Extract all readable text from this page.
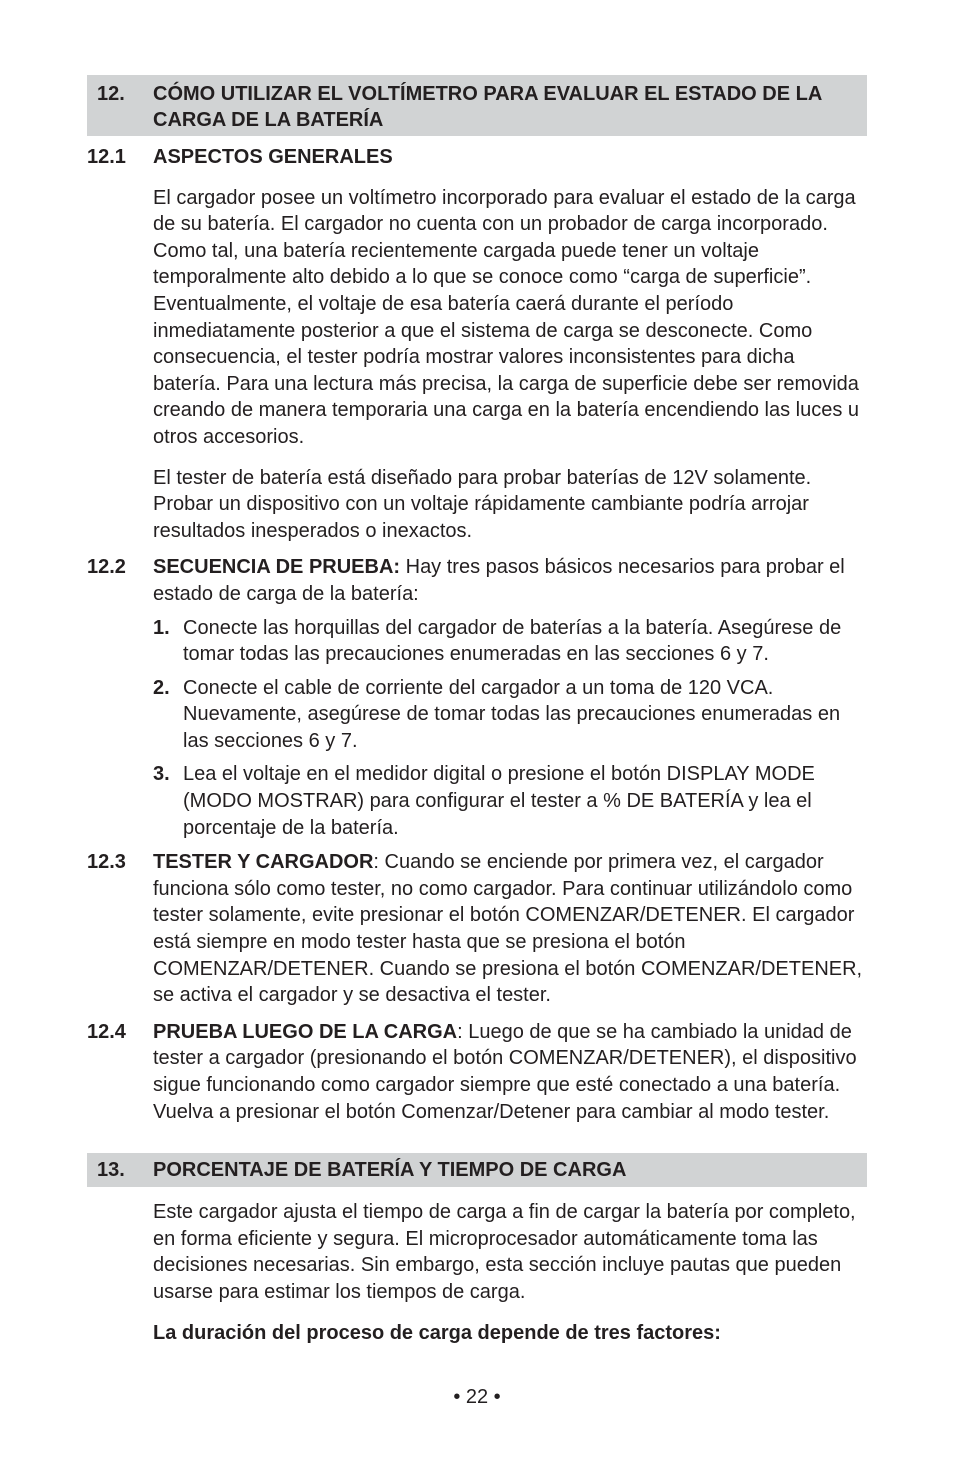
12.	CÓMO UTILIZAR EL VOLTÍMETRO PARA EVALUAR EL ESTADO DE LA CARGA DE LA BATERÍA
12.1	ASPECTOS GENERALES
El cargador posee un voltímetro incorporado para evaluar el estado de la carga de su batería. El cargador no cuenta con un probador de carga incorporado. Como tal, una batería recientemente cargada puede tener un voltaje temporalmente alto debido a lo que se conoce como “carga de superficie”. Eventualmente, el voltaje de esa batería caerá durante el período inmediatamente posterior a que el sistema de carga se desconecte. Como consecuencia, el tester podría mostrar valores inconsistentes para dicha batería. Para una lectura más precisa, la carga de superficie debe ser removida creando de manera temporaria una carga en la batería encendiendo las luces u otros accesorios.
El tester de batería está diseñado para probar baterías de 12V solamente. Probar un dispositivo con un voltaje rápidamente cambiante podría arrojar resultados inesperados o inexactos.
12.2	SECUENCIA DE PRUEBA: Hay tres pasos básicos necesarios para probar el estado de carga de la batería:
1. Conecte las horquillas del cargador de baterías a la batería. Asegúrese de tomar todas las precauciones enumeradas en las secciones 6 y 7.
2. Conecte el cable de corriente del cargador a un toma de 120 VCA. Nuevamente, asegúrese de tomar todas las precauciones enumeradas en las secciones 6 y 7.
3. Lea el voltaje en el medidor digital o presione el botón DISPLAY MODE (MODO MOSTRAR) para configurar el tester a % DE BATERÍA y lea el porcentaje de la batería.
12.3	TESTER Y CARGADOR: Cuando se enciende por primera vez, el cargador funciona sólo como tester, no como cargador. Para continuar utilizándolo como tester solamente, evite presionar el botón COMENZAR/DETENER. El cargador está siempre en modo tester hasta que se presiona el botón COMENZAR/DETENER. Cuando se presiona el botón COMENZAR/DETENER, se activa el cargador y se desactiva el tester.
12.4	PRUEBA LUEGO DE LA CARGA: Luego de que se ha cambiado la unidad de tester a cargador (presionando el botón COMENZAR/DETENER), el dispositivo sigue funcionando como cargador siempre que esté conectado a una batería. Vuelva a presionar el botón Comenzar/Detener para cambiar al modo tester.
13.	PORCENTAJE DE BATERÍA Y TIEMPO DE CARGA
Este cargador ajusta el tiempo de carga a fin de cargar la batería por completo, en forma eficiente y segura. El microprocesador automáticamente toma las decisiones necesarias. Sin embargo, esta sección incluye pautas que pueden usarse para estimar los tiempos de carga.
La duración del proceso de carga depende de tres factores:
• 22 •
